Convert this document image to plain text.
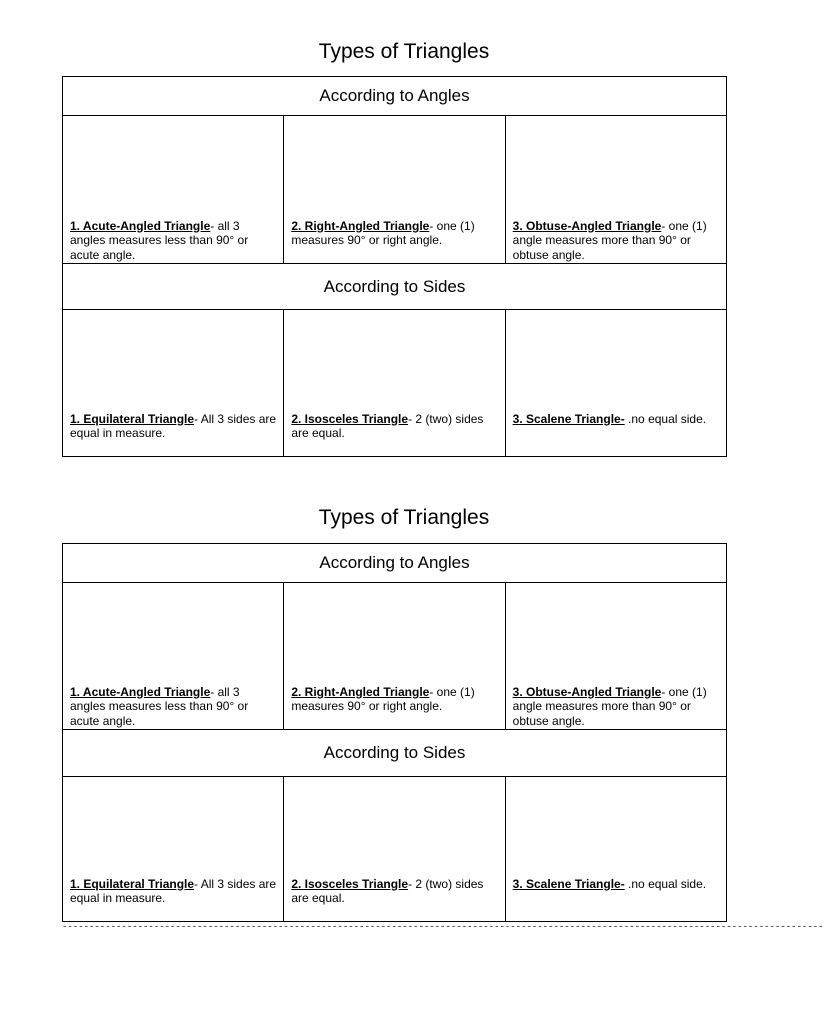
Types of Triangles
According to Angles		
1. Acute-Angled Triangle- all 3 angles measures less than 90° or acute angle.	2. Right-Angled Triangle- one (1) measures 90° or right angle.	3. Obtuse-Angled Triangle- one (1) angle measures more than 90° or obtuse angle.
According to Sides		
1. Equilateral Triangle- All 3 sides are equal in measure.	2. Isosceles Triangle- 2 (two) sides are equal.	3. Scalene Triangle- .no equal side.

Types of Triangles
According to Angles		
1. Acute-Angled Triangle- all 3 angles measures less than 90° or acute angle.	2. Right-Angled Triangle- one (1) measures 90° or right angle.	3. Obtuse-Angled Triangle- one (1) angle measures more than 90° or obtuse angle.
According to Sides		
1. Equilateral Triangle- All 3 sides are equal in measure.	2. Isosceles Triangle- 2 (two) sides are equal.	3. Scalene Triangle- .no equal side.

---------------------------------------------------------------------------------------------------------------------------------------------
